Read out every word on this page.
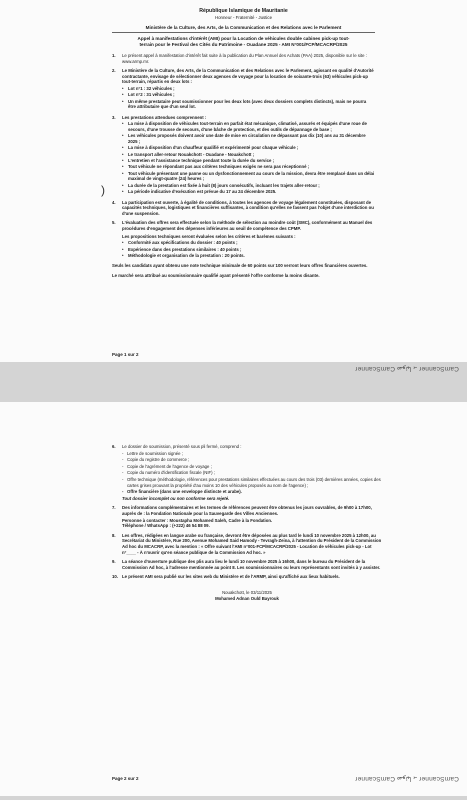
République Islamique de Mauritanie
Honneur - Fraternité - Justice
Ministère de la Culture, des Arts, de la Communication et des Relations avec le Parlement
Appel à manifestations d'intérêt (AMI) pour la Location de véhicules double cabines pick-up tout-
terrain pour le Festival des Cités du Patrimoine - Ouadane 2025 - AMI N°001/FCP/MCACRP/2025
1.	Le présent appel à manifestation d'intérêt fait suite à la publication du Plan Annuel des Achats (PAA) 2025, disponible sur le site : www.armp.mr.
2.	Le Ministère de la Culture, des Arts, de la Communication et des Relations avec le Parlement, agissant en qualité d'Autorité contractante, envisage de sélectionner deux agences de voyage pour la location de soixante-trois (63) véhicules pick-up tout-terrain, répartis en deux lots :
• Lot n°1 : 32 véhicules ;
• Lot n°2 : 31 véhicules ;
• Un même prestataire peut soumissionner pour les deux lots (avec deux dossiers complets distincts), mais ne pourra être attributaire que d'un seul lot.
3.	Les prestations attendues comprennent :
• La mise à disposition de véhicules tout-terrain en parfait état mécanique, climatisé, assurés et équipés d'une roue de secours, d'une trousse de secours, d'une bâche de protection, et des outils de dépannage de base ;
• Les véhicules proposés doivent avoir une date de mise en circulation ne dépassant pas dix (10) ans au 31 décembre 2025 ;
• La mise à disposition d'un chauffeur qualifié et expérimenté pour chaque véhicule ;
• Le transport aller-retour Nouakchott - Ouadane - Nouakchott ;
• L'entretien et l'assistance technique pendant toute la durée du service ;
• Tout véhicule ne répondant pas aux critères techniques exigés ne sera pas réceptionné ;
• Tout véhicule présentant une panne ou un dysfonctionnement au cours de la mission, devra être remplacé dans un délai maximal de vingt-quatre (24) heures ;
• La durée de la prestation est fixée à huit (8) jours consécutifs, incluant les trajets aller-retour ;
• La période indicative d'exécution est prévue du 17 au 24 décembre 2025.
4.	La participation est ouverte, à égalité de conditions, à toutes les agences de voyage légalement constituées, disposant de capacités techniques, logistiques et financières suffisantes, à condition qu'elles ne fassent pas l'objet d'une interdiction ou d'une suspension.
5.	L'évaluation des offres sera effectuée selon la méthode de sélection au moindre coût (SMC), conformément au Manuel des procédures d'engagement des dépenses inférieures au seuil de compétence des CPMP.
Les propositions techniques seront évaluées selon les critères et barèmes suivants :
• Conformité aux spécifications du dossier : 40 points ;
• Expérience dans des prestations similaires : 40 points ;
• Méthodologie et organisation de la prestation : 20 points.
Seuls les candidats ayant obtenu une note technique minimale de 60 points sur 100 verront leurs offres financières ouvertes.
Le marché sera attribué au soumissionnaire qualifié ayant présenté l'offre conforme la moins disante.
Page 1 sur 2
)
CamScanner ضوئيا بـ CamScanner
6.	Le dossier de soumission, présenté sous pli fermé, comprend :
- Lettre de soumission signée ;
- Copie du registre de commerce ;
- Copie de l'agrément de l'agence de voyage ;
- Copie du numéro d'identification fiscale (NIF) ;
- Offre technique (méthodologie, références pour prestations similaires effectuées au cours des trois (03) dernières années, copies des cartes grises prouvant la propriété d'au moins 10 des véhicules proposés au nom de l'agence) ;
- Offre financière (dans une enveloppe distincte et arabe).
Tout dossier incomplet ou non conforme sera rejeté.
7.	Des informations complémentaires et les termes de références peuvent être obtenus les jours ouvrables, de 9h00 à 17h00, auprès de : la Fondation Nationale pour la Sauvegarde des Villes Anciennes.
Personne à contacter : Moustapha Mohamed Saleh, Cadre à la Fondation.
Téléphone / WhatsApp : (+222) 46 54 88 09.
8.	Les offres, rédigées en langue arabe ou française, devront être déposées au plus tard le lundi 10 novembre 2025 à 12h00, au Secrétariat du Ministère, Rue 200, Avenue Mohamed Said Hamody - Tevragh-Zeina, à l'attention du Président de la Commission Ad hoc du MCACRP, avec la mention : « Offre suivant l'AMI n°001-FCP/MCACRP/2025 - Location de véhicules pick-up - Lot n°____ - À n'ouvrir qu'en séance publique de la Commission Ad hoc. »
9.	La séance d'ouverture publique des plis aura lieu le lundi 10 novembre 2025 à 16h00, dans le bureau du Président de la Commission Ad hoc, à l'adresse mentionnée au point 8. Les soumissionnaires ou leurs représentants sont invités à y assister.
10. Le présent AMI sera publié sur les sites web du Ministère et de l'ARMP, ainsi qu'affiché aux lieux habituels.
Nouakchott, le 03/11/2025
Mohamed Adnan Ould Bayrouk
Page 2 sur 2	CamScanner ضوئيا بـ CamScanner
